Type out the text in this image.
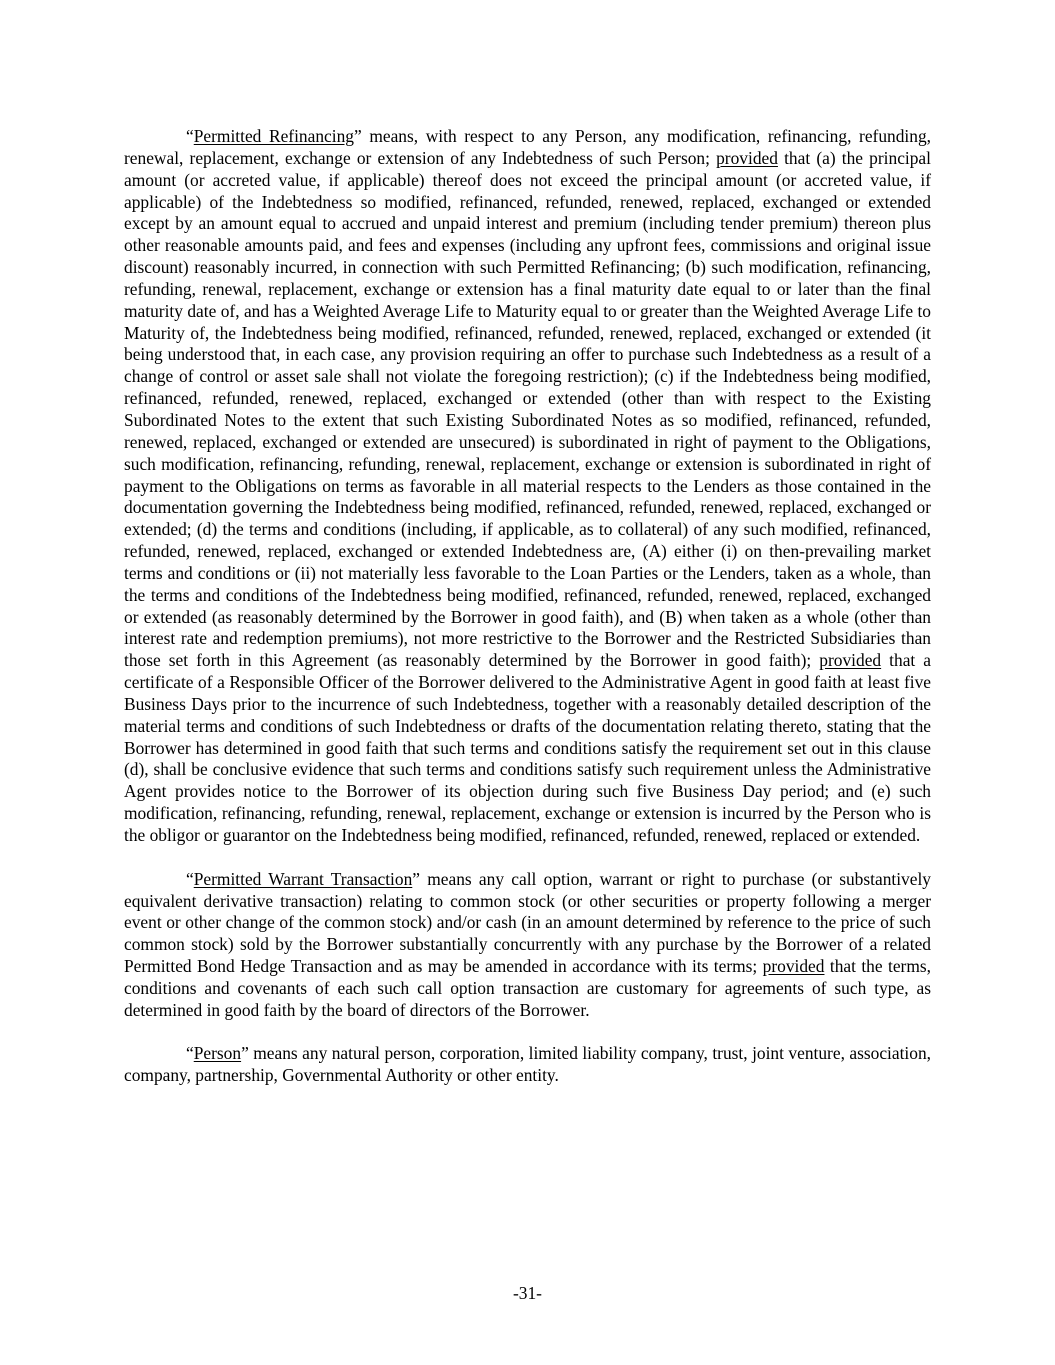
“Permitted Refinancing” means, with respect to any Person, any modification, refinancing, refunding, renewal, replacement, exchange or extension of any Indebtedness of such Person; provided that (a) the principal amount (or accreted value, if applicable) thereof does not exceed the principal amount (or accreted value, if applicable) of the Indebtedness so modified, refinanced, refunded, renewed, replaced, exchanged or extended except by an amount equal to accrued and unpaid interest and premium (including tender premium) thereon plus other reasonable amounts paid, and fees and expenses (including any upfront fees, commissions and original issue discount) reasonably incurred, in connection with such Permitted Refinancing; (b) such modification, refinancing, refunding, renewal, replacement, exchange or extension has a final maturity date equal to or later than the final maturity date of, and has a Weighted Average Life to Maturity equal to or greater than the Weighted Average Life to Maturity of, the Indebtedness being modified, refinanced, refunded, renewed, replaced, exchanged or extended (it being understood that, in each case, any provision requiring an offer to purchase such Indebtedness as a result of a change of control or asset sale shall not violate the foregoing restriction); (c) if the Indebtedness being modified, refinanced, refunded, renewed, replaced, exchanged or extended (other than with respect to the Existing Subordinated Notes to the extent that such Existing Subordinated Notes as so modified, refinanced, refunded, renewed, replaced, exchanged or extended are unsecured) is subordinated in right of payment to the Obligations, such modification, refinancing, refunding, renewal, replacement, exchange or extension is subordinated in right of payment to the Obligations on terms as favorable in all material respects to the Lenders as those contained in the documentation governing the Indebtedness being modified, refinanced, refunded, renewed, replaced, exchanged or extended; (d) the terms and conditions (including, if applicable, as to collateral) of any such modified, refinanced, refunded, renewed, replaced, exchanged or extended Indebtedness are, (A) either (i) on then-prevailing market terms and conditions or (ii) not materially less favorable to the Loan Parties or the Lenders, taken as a whole, than the terms and conditions of the Indebtedness being modified, refinanced, refunded, renewed, replaced, exchanged or extended (as reasonably determined by the Borrower in good faith), and (B) when taken as a whole (other than interest rate and redemption premiums), not more restrictive to the Borrower and the Restricted Subsidiaries than those set forth in this Agreement (as reasonably determined by the Borrower in good faith); provided that a certificate of a Responsible Officer of the Borrower delivered to the Administrative Agent in good faith at least five Business Days prior to the incurrence of such Indebtedness, together with a reasonably detailed description of the material terms and conditions of such Indebtedness or drafts of the documentation relating thereto, stating that the Borrower has determined in good faith that such terms and conditions satisfy the requirement set out in this clause (d), shall be conclusive evidence that such terms and conditions satisfy such requirement unless the Administrative Agent provides notice to the Borrower of its objection during such five Business Day period; and (e) such modification, refinancing, refunding, renewal, replacement, exchange or extension is incurred by the Person who is the obligor or guarantor on the Indebtedness being modified, refinanced, refunded, renewed, replaced or extended.

“Permitted Warrant Transaction” means any call option, warrant or right to purchase (or substantively equivalent derivative transaction) relating to common stock (or other securities or property following a merger event or other change of the common stock) and/or cash (in an amount determined by reference to the price of such common stock) sold by the Borrower substantially concurrently with any purchase by the Borrower of a related Permitted Bond Hedge Transaction and as may be amended in accordance with its terms; provided that the terms, conditions and covenants of each such call option transaction are customary for agreements of such type, as determined in good faith by the board of directors of the Borrower.

“Person” means any natural person, corporation, limited liability company, trust, joint venture, association, company, partnership, Governmental Authority or other entity.

-31-
